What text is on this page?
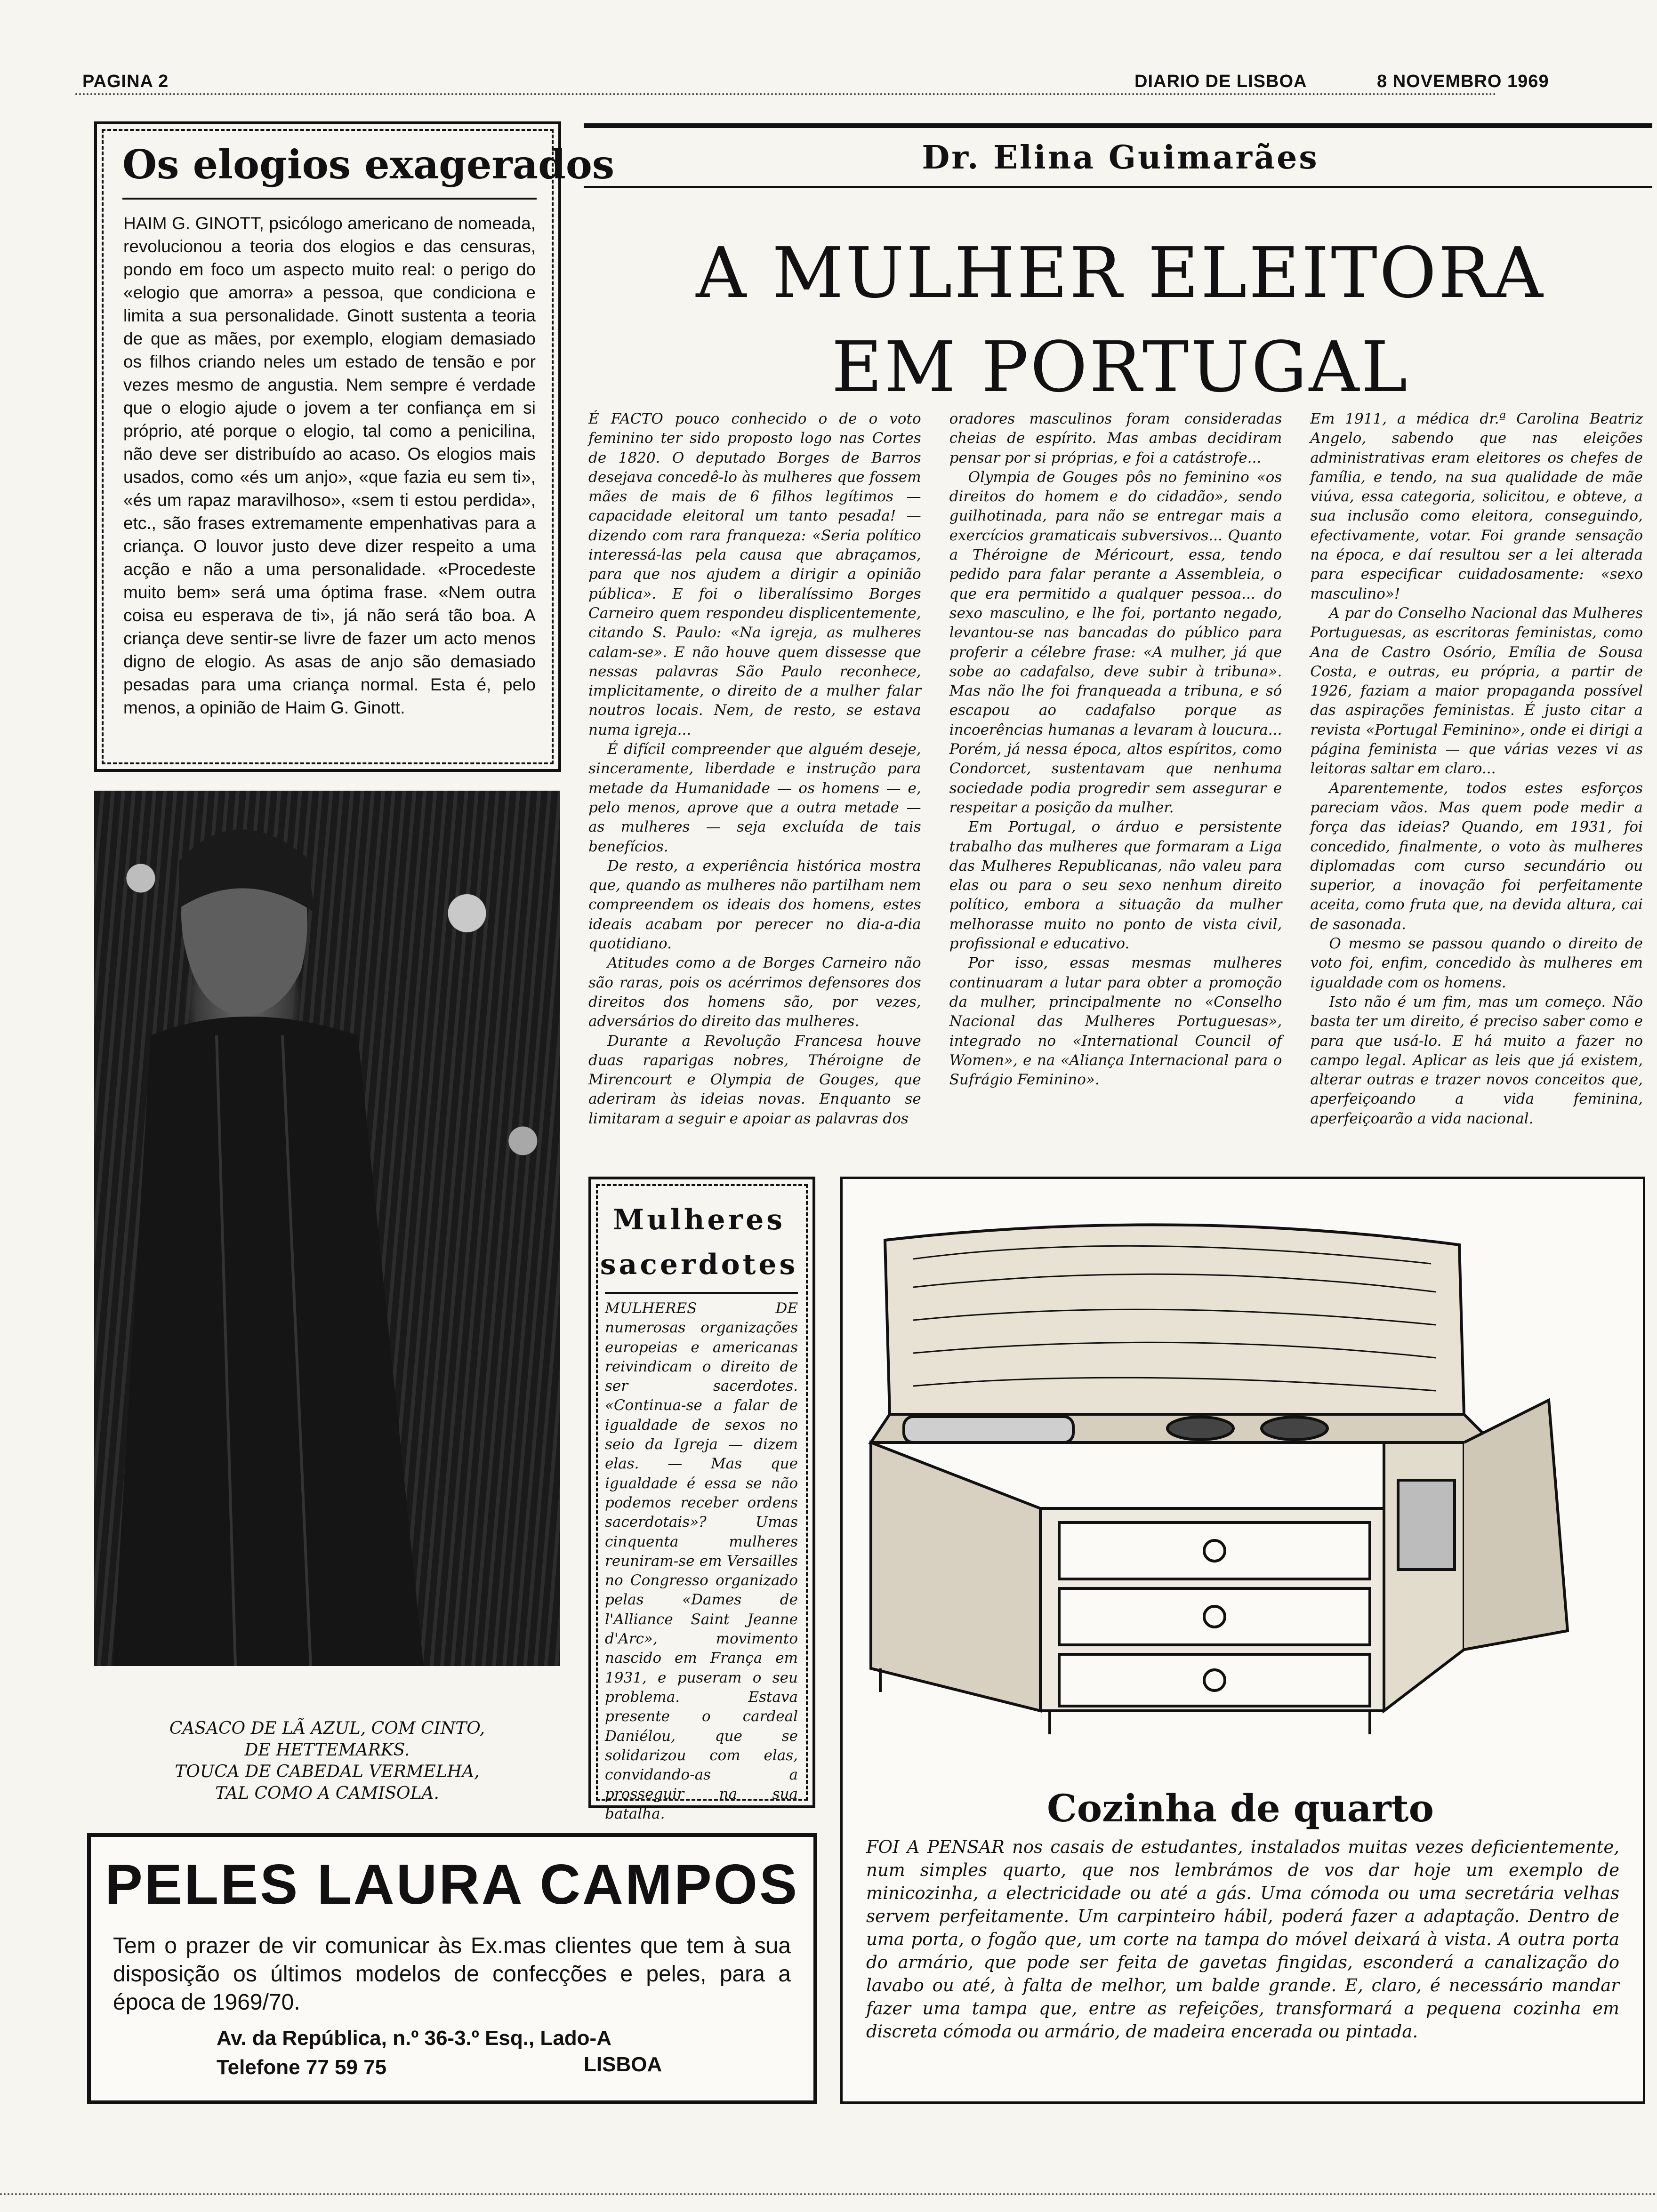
PAGINA 2	DIARIO DE LISBOA	8 NOVEMBRO 1969
Os elogios exagerados
HAIM G. GINOTT, psicólogo americano de nomeada, revolucionou a teoria dos elogios e das censuras, pondo em foco um aspecto muito real: o perigo do «elogio que amorra» a pessoa, que condiciona e limita a sua personalidade. Ginott sustenta a teoria de que as mães, por exemplo, elogiam demasiado os filhos criando neles um estado de tensão e por vezes mesmo de angustia. Nem sempre é verdade que o elogio ajude o jovem a ter confiança em si próprio, até porque o elogio, tal como a penicilina, não deve ser distribuído ao acaso. Os elogios mais usados, como «és um anjo», «que fazia eu sem ti», «és um rapaz maravilhoso», «sem ti estou perdida», etc., são frases extremamente empenhativas para a criança. O louvor justo deve dizer respeito a uma acção e não a uma personalidade. «Procedeste muito bem» será uma óptima frase. «Nem outra coisa eu esperava de ti», já não será tão boa. A criança deve sentir-se livre de fazer um acto menos digno de elogio. As asas de anjo são demasiado pesadas para uma criança normal. Esta é, pelo menos, a opinião de Haim G. Ginott.
Dr. Elina Guimarães
A MULHER ELEITORA
EM PORTUGAL

É FACTO pouco conhecido o de o voto feminino ter sido proposto logo nas Cortes de 1820. O deputado Borges de Barros desejava concedê-lo às mulheres que fossem mães de mais de 6 filhos legítimos — capacidade eleitoral um tanto pesada! — dizendo com rara franqueza: «Seria político interessá-las pela causa que abraçamos, para que nos ajudem a dirigir a opinião pública». E foi o liberalíssimo Borges Carneiro quem respondeu displicentemente, citando S. Paulo: «Na igreja, as mulheres calam-se». E não houve quem dissesse que nessas palavras São Paulo reconhece, implicitamente, o direito de a mulher falar noutros locais. Nem, de resto, se estava numa igreja...

É difícil compreender que alguém deseje, sinceramente, liberdade e instrução para metade da Humanidade — os homens — e, pelo menos, aprove que a outra metade — as mulheres — seja excluída de tais benefícios.

De resto, a experiência histórica mostra que, quando as mulheres não partilham nem compreendem os ideais dos homens, estes ideais acabam por perecer no dia-a-dia quotidiano.

Atitudes como a de Borges Carneiro não são raras, pois os acérrimos defensores dos direitos dos homens são, por vezes, adversários do direito das mulheres.

Durante a Revolução Francesa houve duas raparigas nobres, Théroigne de Mirencourt e Olympia de Gouges, que aderiram às ideias novas. Enquanto se limitaram a seguir e apoiar as palavras dos

oradores masculinos foram consideradas cheias de espírito. Mas ambas decidiram pensar por si próprias, e foi a catástrofe...

Olympia de Gouges pôs no feminino «os direitos do homem e do cidadão», sendo guilhotinada, para não se entregar mais a exercícios gramaticais subversivos... Quanto a Théroigne de Méricourt, essa, tendo pedido para falar perante a Assembleia, o que era permitido a qualquer pessoa... do sexo masculino, e lhe foi, portanto negado, levantou-se nas bancadas do público para proferir a célebre frase: «A mulher, já que sobe ao cadafalso, deve subir à tribuna». Mas não lhe foi franqueada a tribuna, e só escapou ao cadafalso porque as incoerências humanas a levaram à loucura... Porém, já nessa época, altos espíritos, como Condorcet, sustentavam que nenhuma sociedade podia progredir sem assegurar e respeitar a posição da mulher.

Em Portugal, o árduo e persistente trabalho das mulheres que formaram a Liga das Mulheres Republicanas, não valeu para elas ou para o seu sexo nenhum direito político, embora a situação da mulher melhorasse muito no ponto de vista civil, profissional e educativo.

Por isso, essas mesmas mulheres continuaram a lutar para obter a promoção da mulher, principalmente no «Conselho Nacional das Mulheres Portuguesas», integrado no «International Council of Women», e na «Aliança Internacional para o Sufrágio Feminino».

Em 1911, a médica dr.ª Carolina Beatriz Angelo, sabendo que nas eleições administrativas eram eleitores os chefes de família, e tendo, na sua qualidade de mãe viúva, essa categoria, solicitou, e obteve, a sua inclusão como eleitora, conseguindo, efectivamente, votar. Foi grande sensação na época, e daí resultou ser a lei alterada para especificar cuidadosamente: «sexo masculino»!

A par do Conselho Nacional das Mulheres Portuguesas, as escritoras feministas, como Ana de Castro Osório, Emília de Sousa Costa, e outras, eu própria, a partir de 1926, faziam a maior propaganda possível das aspirações feministas. É justo citar a revista «Portugal Feminino», onde ei dirigi a página feminista — que várias vezes vi as leitoras saltar em claro...

Aparentemente, todos estes esforços pareciam vãos. Mas quem pode medir a força das ideias? Quando, em 1931, foi concedido, finalmente, o voto às mulheres diplomadas com curso secundário ou superior, a inovação foi perfeitamente aceita, como fruta que, na devida altura, cai de sasonada.

O mesmo se passou quando o direito de voto foi, enfim, concedido às mulheres em igualdade com os homens.

Isto não é um fim, mas um começo. Não basta ter um direito, é preciso saber como e para que usá-lo. E há muito a fazer no campo legal. Aplicar as leis que já existem, alterar outras e trazer novos conceitos que, aperfeiçoando a vida feminina, aperfeiçoarão a vida nacional.

CASACO DE LÃ AZUL, COM CINTO,
DE HETTEMARKS.
TOUCA DE CABEDAL VERMELHA,
TAL COMO A CAMISOLA.
Mulheres
sacerdotes
MULHERES DE numerosas organizações europeias e americanas reivindicam o direito de ser sacerdotes. «Continua-se a falar de igualdade de sexos no seio da Igreja — dizem elas. — Mas que igualdade é essa se não podemos receber ordens sacerdotais»? Umas cinquenta mulheres reuniram-se em Versailles no Congresso organizado pelas «Dames de l'Alliance Saint Jeanne d'Arc», movimento nascido em França em 1931, e puseram o seu problema. Estava presente o cardeal Daniélou, que se solidarizou com elas, convidando-as a prosseguir na sua batalha.	Cozinha de quarto
FOI A PENSAR nos casais de estudantes, instalados muitas vezes deficientemente, num simples quarto, que nos lembrámos de vos dar hoje um exemplo de minicozinha, a electricidade ou até a gás. Uma cómoda ou uma secretária velhas servem perfeitamente. Um carpinteiro hábil, poderá fazer a adaptação. Dentro de uma porta, o fogão que, um corte na tampa do móvel deixará à vista. A outra porta do armário, que pode ser feita de gavetas fingidas, esconderá a canalização do lavabo ou até, à falta de melhor, um balde grande. E, claro, é necessário mandar fazer uma tampa que, entre as refeições, transformará a pequena cozinha em discreta cómoda ou armário, de madeira encerada ou pintada.
PELES LAURA CAMPOS
Tem o prazer de vir comunicar às Ex.mas clientes que tem à sua disposição os últimos modelos de confecções e peles, para a época de 1969/70.
Av. da República, n.º 36-3.º Esq., Lado-A
Telefone 77 59 75	LISBOA
